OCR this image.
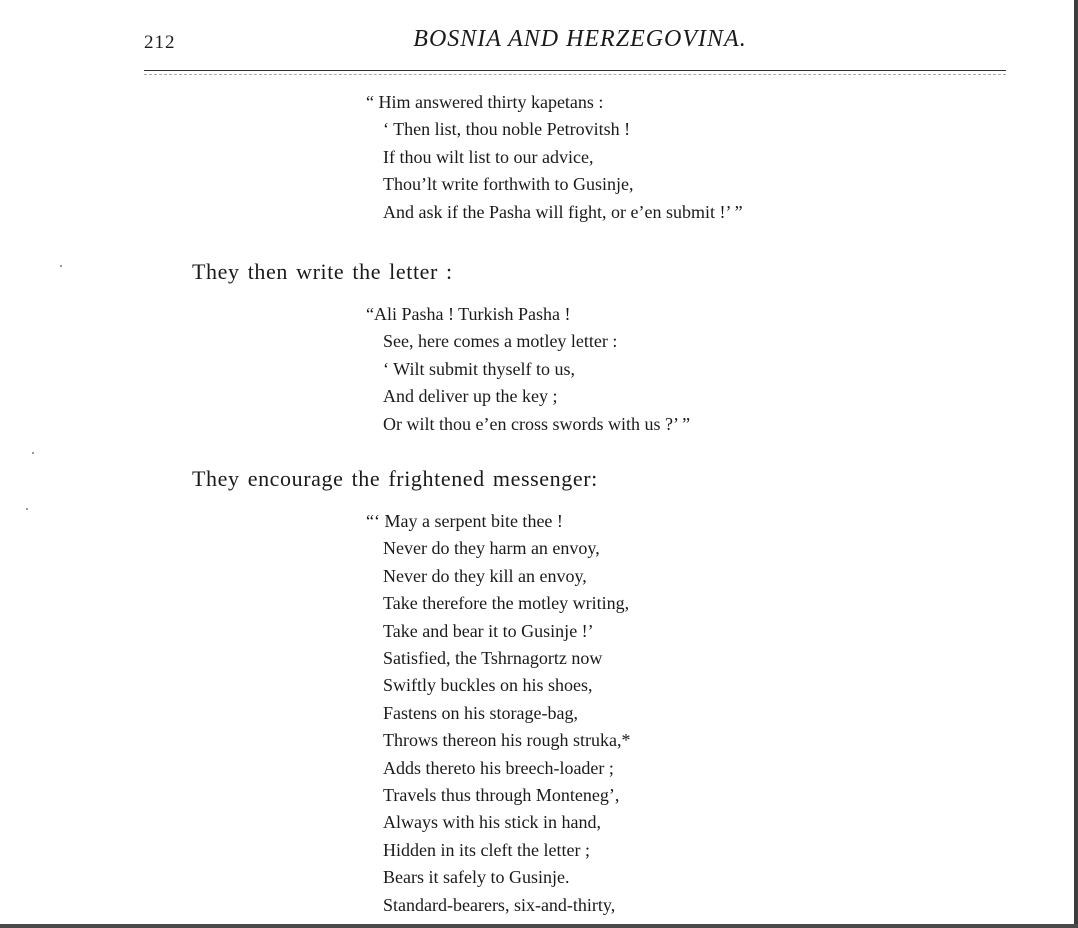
212	BOSNIA AND HERZEGOVINA.
“ Him answered thirty kapetans :
‘ Then list, thou noble Petrovitsh !
If thou wilt list to our advice,
Thou’lt write forthwith to Gusinje,
And ask if the Pasha will fight, or e’en submit !’ ”
They then write the letter :
“Ali Pasha ! Turkish Pasha !
See, here comes a motley letter :
‘ Wilt submit thyself to us,
And deliver up the key ;
Or wilt thou e’en cross swords with us ?’ ”
They encourage the frightened messenger:
“‘ May a serpent bite thee !
Never do they harm an envoy,
Never do they kill an envoy,
Take therefore the motley writing,
Take and bear it to Gusinje !’
Satisfied, the Tshrnagortz now
Swiftly buckles on his shoes,
Fastens on his storage-bag,
Throws thereon his rough struka,*
Adds thereto his breech-loader ;
Travels thus through Monteneg’,
Always with his stick in hand,
Hidden in its cleft the letter ;
Bears it safely to Gusinje.
Standard-bearers, six-and-thirty,
